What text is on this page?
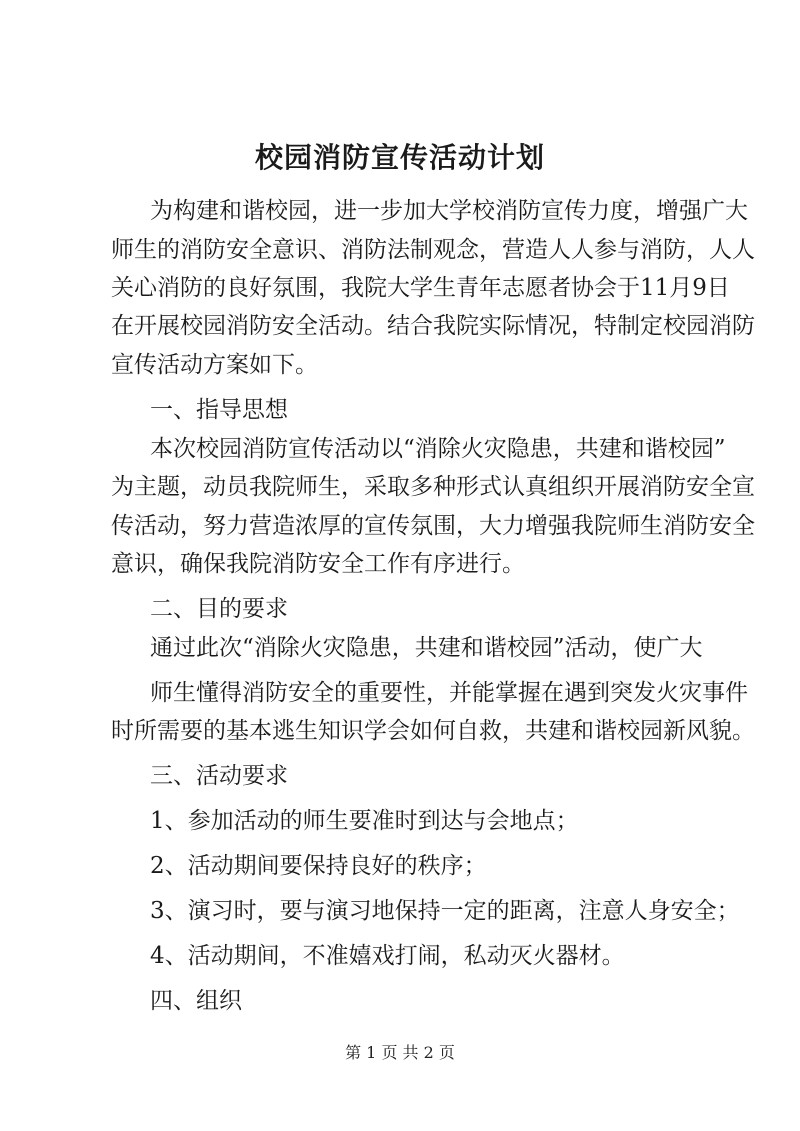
校园消防宣传活动计划
为构建和谐校园，进一步加大学校消防宣传力度，增强广大
师生的消防安全意识、消防法制观念，营造人人参与消防，人人
关心消防的良好氛围，我院大学生青年志愿者协会于11月9日
在开展校园消防安全活动。结合我院实际情况，特制定校园消防
宣传活动方案如下。
一、指导思想
本次校园消防宣传活动以“消除火灾隐患，共建和谐校园”
为主题，动员我院师生，采取多种形式认真组织开展消防安全宣
传活动，努力营造浓厚的宣传氛围，大力增强我院师生消防安全
意识，确保我院消防安全工作有序进行。
二、目的要求
通过此次“消除火灾隐患，共建和谐校园”活动，使广大
师生懂得消防安全的重要性，并能掌握在遇到突发火灾事件
时所需要的基本逃生知识学会如何自救，共建和谐校园新风貌。
三、活动要求
1、参加活动的师生要准时到达与会地点；
2、活动期间要保持良好的秩序；
3、演习时，要与演习地保持一定的距离，注意人身安全；
4、活动期间，不准嬉戏打闹，私动灭火器材。
四、组织
第 1 页 共 2 页
